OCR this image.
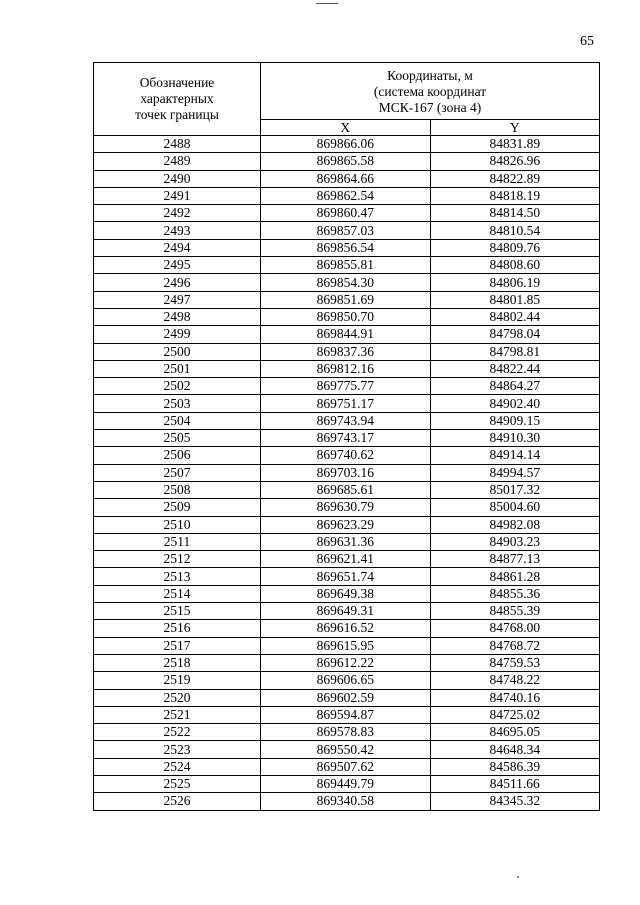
65
Обозначение
характерных
точек границы	Координаты, м
(система координат
МСК-167 (зона 4)	

	X	Y
2488	869866.06	84831.89
2489	869865.58	84826.96
2490	869864.66	84822.89
2491	869862.54	84818.19
2492	869860.47	84814.50
2493	869857.03	84810.54
2494	869856.54	84809.76
2495	869855.81	84808.60
2496	869854.30	84806.19
2497	869851.69	84801.85
2498	869850.70	84802.44
2499	869844.91	84798.04
2500	869837.36	84798.81
2501	869812.16	84822.44
2502	869775.77	84864.27
2503	869751.17	84902.40
2504	869743.94	84909.15
2505	869743.17	84910.30
2506	869740.62	84914.14
2507	869703.16	84994.57
2508	869685.61	85017.32
2509	869630.79	85004.60
2510	869623.29	84982.08
2511	869631.36	84903.23
2512	869621.41	84877.13
2513	869651.74	84861.28
2514	869649.38	84855.36
2515	869649.31	84855.39
2516	869616.52	84768.00
2517	869615.95	84768.72
2518	869612.22	84759.53
2519	869606.65	84748.22
2520	869602.59	84740.16
2521	869594.87	84725.02
2522	869578.83	84695.05
2523	869550.42	84648.34
2524	869507.62	84586.39
2525	869449.79	84511.66
2526	869340.58	84345.32
